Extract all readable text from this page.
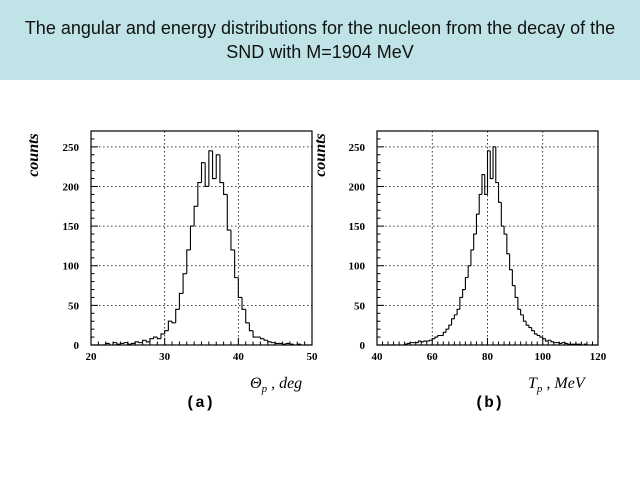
The angular and energy distributions for the nucleon from the decay of the SND with M=1904 MeV
20	30	40	50
0
50
100
150
200
250
counts
$\Theta_p$ , deg
(a)
40	60	80	100	120
0
50
100
150
200
250
counts
$T_p$ , MeV
(b)
